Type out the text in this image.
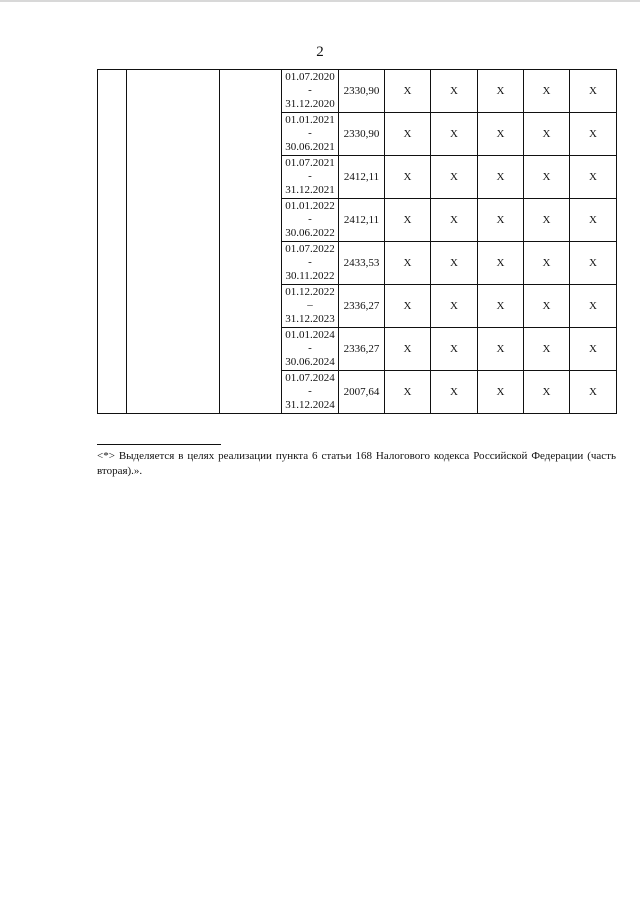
2
			01.07.2020
-
31.12.2020	2330,90	Х	Х	Х	Х	Х
			01.01.2021
-
30.06.2021	2330,90	Х	Х	Х	Х	Х
			01.07.2021
-
31.12.2021	2412,11	Х	Х	Х	Х	Х
			01.01.2022
-
30.06.2022	2412,11	Х	Х	Х	Х	Х
			01.07.2022
-
30.11.2022	2433,53	Х	Х	Х	Х	Х
			01.12.2022
–
31.12.2023	2336,27	Х	Х	Х	Х	Х
			01.01.2024
-
30.06.2024	2336,27	Х	Х	Х	Х	Х
			01.07.2024
-
31.12.2024	2007,64	Х	Х	Х	Х	Х
<*> Выделяется в целях реализации пункта 6 статьи 168 Налогового кодекса Российской Федерации (часть вторая).».
